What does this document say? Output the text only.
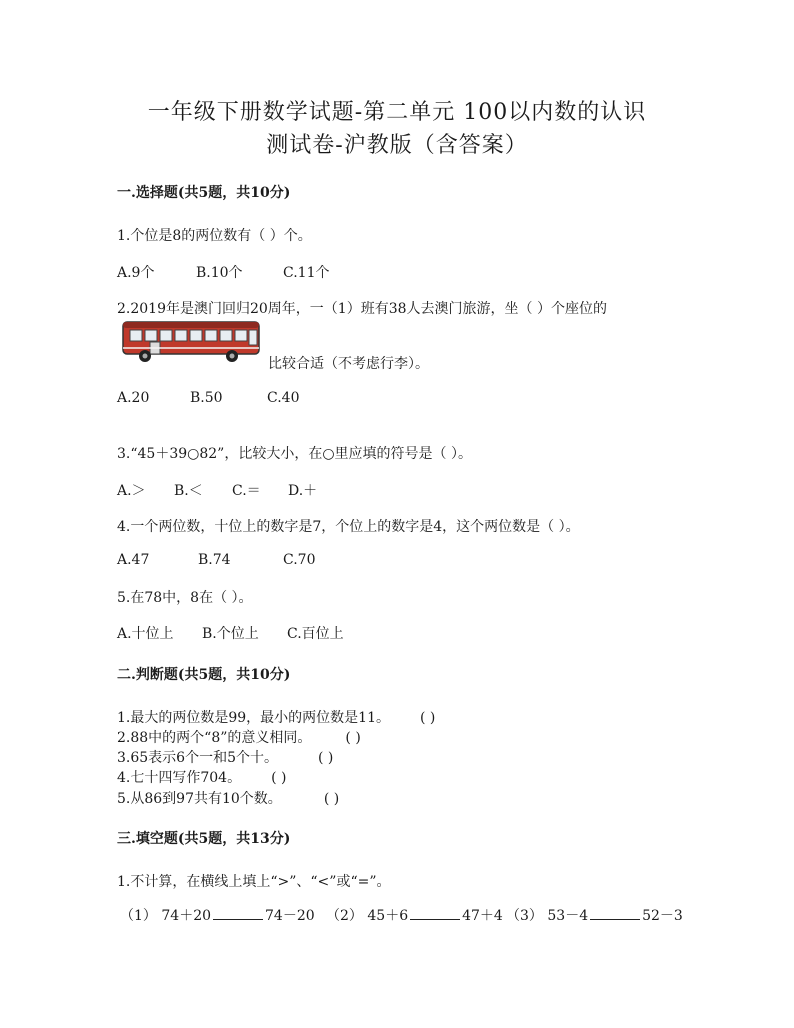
一年级下册数学试题-第二单元 100以内数的认识
测试卷-沪教版（含答案）
一.选择题(共5题，共10分)
1.个位是8的两位数有（ ）个。
A.9个	B.10个	C.11个
2.2019年是澳门回归20周年，一（1）班有38人去澳门旅游，坐（ ）个座位的
比较合适（不考虑行李）。
A.20	B.50	C.40
3.“45＋39○82”，比较大小，在○里应填的符号是（ ）。
A.＞ B.＜ C.＝ D.＋
4.一个两位数，十位上的数字是7，个位上的数字是4，这个两位数是（ ）。
A.47	B.74	C.70
5.在78中，8在（ ）。
A.十位上 B.个位上 C.百位上
二.判断题(共5题，共10分)
1.最大的两位数是99，最小的两位数是11。 ( )
2.88中的两个“8”的意义相同。 ( )
3.65表示6个一和5个十。	( )
4.七十四写作704。 ( )
5.从86到97共有10个数。	( )
三.填空题(共5题，共13分)
1.不计算，在横线上填上“>”、“<”或“=”。
（1） 74＋20	74－20 （2） 45＋6	47＋4 （3） 53－4	52－3
